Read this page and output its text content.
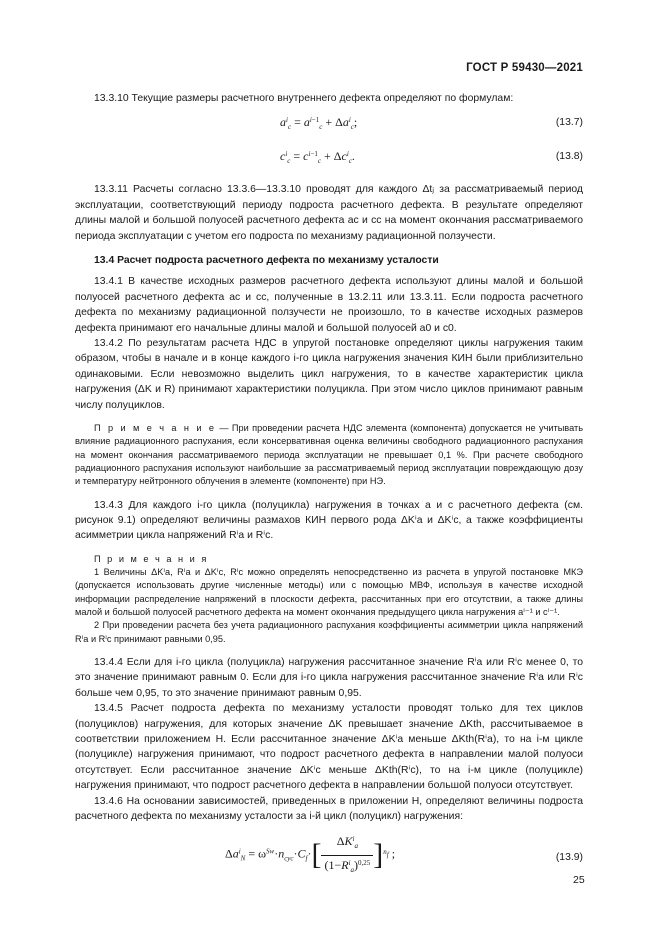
ГОСТ Р 59430—2021

13.3.10 Текущие размеры расчетного внутреннего дефекта определяют по формулам:

$a^i_c = a^{i-1}_c + \Delta a^i_c$;	(13.7)
$c^i_c = c^{i-1}_c + \Delta c^i_c$.	(13.8)

13.3.11 Расчеты согласно 13.3.6—13.3.10 проводят для каждого Δtⱼ за рассматриваемый период эксплуатации, соответствующий периоду подроста расчетного дефекта. В результате определяют длины малой и большой полуосей расчетного дефекта ac и cc на момент окончания рассматриваемого периода эксплуатации с учетом его подроста по механизму радиационной ползучести.

13.4 Расчет подроста расчетного дефекта по механизму усталости

13.4.1 В качестве исходных размеров расчетного дефекта используют длины малой и большой полуосей расчетного дефекта ac и cc, полученные в 13.2.11 или 13.3.11. Если подроста расчетного дефекта по механизму радиационной ползучести не произошло, то в качестве исходных размеров дефекта принимают его начальные длины малой и большой полуосей a0 и c0.

13.4.2 По результатам расчета НДС в упругой постановке определяют циклы нагружения таким образом, чтобы в начале и в конце каждого i-го цикла нагружения значения КИН были приблизительно одинаковыми. Если невозможно выделить цикл нагружения, то в качестве характеристик цикла нагружения (ΔK и R) принимают характеристики полуцикла. При этом число циклов принимают равным числу полуциклов.

П р и м е ч а н и е — При проведении расчета НДС элемента (компонента) допускается не учитывать влияние радиационного распухания, если консервативная оценка величины свободного радиационного распухания на момент окончания рассматриваемого периода эксплуатации не превышает 0,1 %. При расчете свободного радиационного распухания используют наибольшие за рассматриваемый период эксплуатации повреждающую дозу и температуру нейтронного облучения в элементе (компоненте) при НЭ.

13.4.3 Для каждого i-го цикла (полуцикла) нагружения в точках a и c расчетного дефекта (см. рисунок 9.1) определяют величины размахов КИН первого рода ΔKⁱa и ΔKⁱc, а также коэффициенты асимметрии цикла напряжений Rⁱa и Rⁱc.

П р и м е ч а н и я

1 Величины ΔKⁱa, Rⁱa и ΔKⁱc, Rⁱc можно определять непосредственно из расчета в упругой постановке МКЭ (допускается использовать другие численные методы) или с помощью МВФ, используя в качестве исходной информации распределение напряжений в плоскости дефекта, рассчитанных при его отсутствии, а также длины малой и большой полуосей расчетного дефекта на момент окончания предыдущего цикла нагружения aⁱ⁻¹ и cⁱ⁻¹.

2 При проведении расчета без учета радиационного распухания коэффициенты асимметрии цикла напряжений Rⁱa и Rⁱc принимают равными 0,95.

13.4.4 Если для i-го цикла (полуцикла) нагружения рассчитанное значение Rⁱa или Rⁱc менее 0, то это значение принимают равным 0. Если для i-го цикла нагружения рассчитанное значение Rⁱa или Rⁱc больше чем 0,95, то это значение принимают равным 0,95.

13.4.5 Расчет подроста дефекта по механизму усталости проводят только для тех циклов (полуциклов) нагружения, для которых значение ΔK превышает значение ΔKth, рассчитываемое в соответствии приложением Н. Если рассчитанное значение ΔKⁱa меньше ΔKth(Rⁱa), то на i-м цикле (полуцикле) нагружения принимают, что подрост расчетного дефекта в направлении малой полуоси отсутствует. Если рассчитанное значение ΔKⁱc меньше ΔKth(Rⁱc), то на i-м цикле (полуцикле) нагружения принимают, что подрост расчетного дефекта в направлении большой полуоси отсутствует.

13.4.6 На основании зависимостей, приведенных в приложении Н, определяют величины подроста расчетного дефекта по механизму усталости за i-й цикл (полуцикл) нагружения:

$\Delta a^i_N = \omega^{Sw}\cdot n_{cyc}\cdot C_f\cdot[ \frac{\Delta K^i_a}{(1-R^i_a)^{0,25}} ]^{n_f}$ ;	(13.9)
25
